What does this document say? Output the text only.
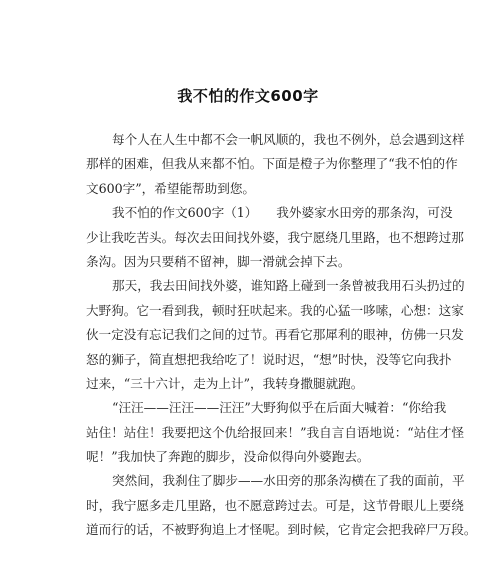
我不怕的作文600字
每个人在人生中都不会一帆风顺的，我也不例外，总会遇到这样
那样的困难，但我从来都不怕。下面是橙子为你整理了“我不怕的作
文600字”，希望能帮助到您。
我不怕的作文600字（1）　　我外婆家水田旁的那条沟，可没
少让我吃苦头。每次去田间找外婆，我宁愿绕几里路，也不想跨过那
条沟。因为只要稍不留神，脚一滑就会掉下去。
那天，我去田间找外婆，谁知路上碰到一条曾被我用石头扔过的
大野狗。它一看到我，顿时狂吠起来。我的心猛一哆嗦，心想：这家
伙一定没有忘记我们之间的过节。再看它那犀利的眼神，仿佛一只发
怒的狮子，简直想把我给吃了！说时迟，“想”时快，没等它向我扑
过来，“三十六计，走为上计”，我转身撒腿就跑。
“汪汪——汪汪——汪汪”大野狗似乎在后面大喊着：“你给我
站住！站住！我要把这个仇给报回来！”我自言自语地说：“站住才怪
呢！”我加快了奔跑的脚步，没命似得向外婆跑去。
突然间，我刹住了脚步——水田旁的那条沟横在了我的面前，平
时，我宁愿多走几里路，也不愿意跨过去。可是，这节骨眼儿上要绕
道而行的话，不被野狗追上才怪呢。到时候，它肯定会把我碎尸万段。
